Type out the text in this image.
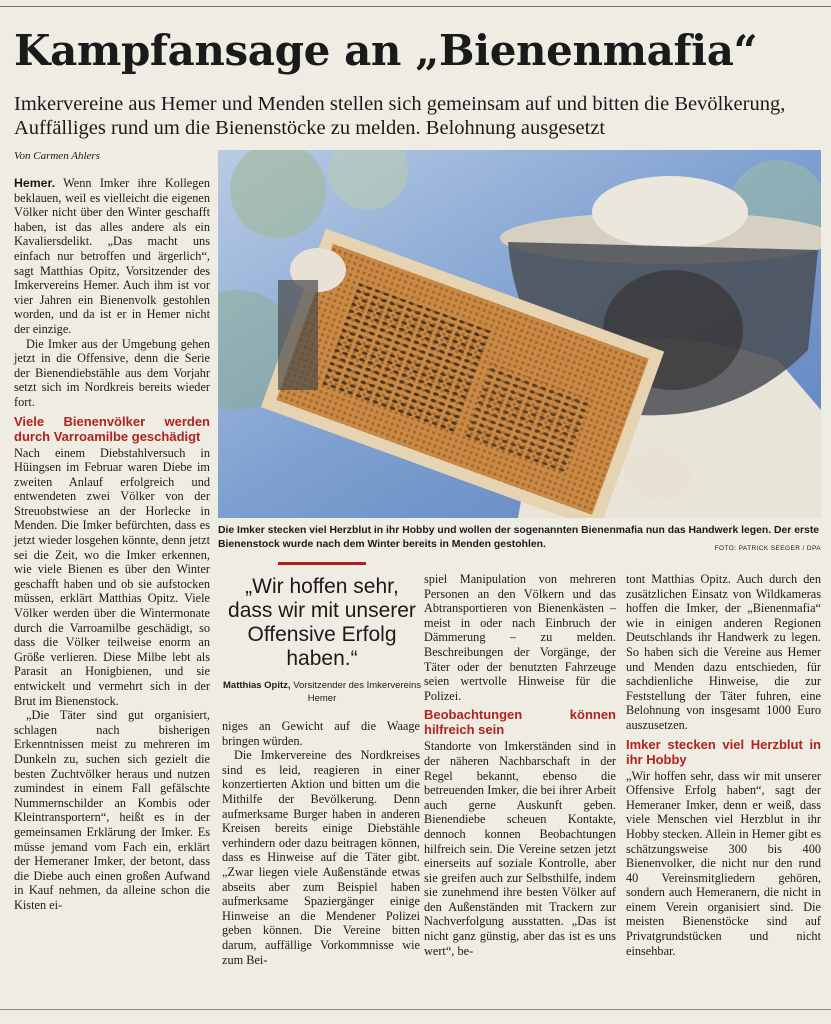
Kampfansage an „Bienenmafia“

Imkervereine aus Hemer und Menden stellen sich gemeinsam auf und bitten die Bevölkerung, Auffälliges rund um die Bienenstöcke zu melden. Belohnung ausgesetzt

Von Carmen Ahlers

Hemer. Wenn Imker ihre Kollegen beklauen, weil es vielleicht die eigenen Völker nicht über den Winter geschafft haben, ist das alles andere als ein Kavaliersdelikt. „Das macht uns einfach nur betroffen und ärgerlich“, sagt Matthias Opitz, Vorsitzender des Imkervereins Hemer. Auch ihm ist vor vier Jahren ein Bienenvolk gestohlen worden, und da ist er in Hemer nicht der einzige.

Die Imker aus der Umgebung gehen jetzt in die Offensive, denn die Serie der Bienendiebstähle aus dem Vorjahr setzt sich im Nordkreis bereits wieder fort.

Viele Bienenvölker werden durch Varroamilbe geschädigt

Nach einem Diebstahlversuch in Hüingsen im Februar waren Diebe im zweiten Anlauf erfolgreich und entwendeten zwei Völker von der Streuobstwiese an der Horlecke in Menden. Die Imker befürchten, dass es jetzt wieder losgehen könnte, denn jetzt sei die Zeit, wo die Imker erkennen, wie viele Bienen es über den Winter geschafft haben und ob sie aufstocken müssen, erklärt Matthias Opitz. Viele Völker werden über die Wintermonate durch die Varroamilbe geschädigt, so dass die Völker teilweise enorm an Größe verlieren. Diese Milbe lebt als Parasit an Honigbienen, und sie entwickelt und vermehrt sich in der Brut im Bienenstock.

„Die Täter sind gut organisiert, schlagen nach bisherigen Erkenntnissen meist zu mehreren im Dunkeln zu, suchen sich gezielt die besten Zuchtvölker heraus und nutzen zumindest in einem Fall gefälschte Nummernschilder an Kombis oder Kleintransportern“, heißt es in der gemeinsamen Erklärung der Imker. Es müsse jemand vom Fach ein, erklärt der Hemeraner Imker, der betont, dass die Diebe auch einen großen Aufwand in Kauf nehmen, da alleine schon die Kisten ei-

Die Imker stecken viel Herzblut in ihr Hobby und wollen der sogenannten Bienenmafia nun das Handwerk legen. Der erste Bienenstock wurde nach dem Winter bereits in Menden gestohlen.	FOTO: PATRICK SEEGER / DPA

„Wir hoffen sehr, dass wir mit unserer Offensive Erfolg haben.“

Matthias Opitz, Vorsitzender des Imkervereins Hemer

niges an Gewicht auf die Waage bringen würden.

Die Imkervereine des Nordkreises sind es leid, reagieren in einer konzertierten Aktion und bitten um die Mithilfe der Bevölkerung. Denn aufmerksame Burger haben in anderen Kreisen bereits einige Diebstähle verhindern oder dazu beitragen können, dass es Hinweise auf die Täter gibt. „Zwar liegen viele Außenstände etwas abseits aber zum Beispiel haben aufmerksame Spaziergänger einige Hinweise an die Mendener Polizei geben können. Die Vereine bitten darum, auffällige Vorkommnisse wie zum Bei-

spiel Manipulation von mehreren Personen an den Völkern und das Abtransportieren von Bienenkästen – meist in oder nach Einbruch der Dämmerung – zu melden. Beschreibungen der Vorgänge, der Täter oder der benutzten Fahrzeuge seien wertvolle Hinweise für die Polizei.

Beobachtungen können hilfreich sein

Standorte von Imkerständen sind in der näheren Nachbarschaft in der Regel bekannt, ebenso die betreuenden Imker, die bei ihrer Arbeit auch gerne Auskunft geben. Bienendiebe scheuen Kontakte, dennoch konnen Beobachtungen hilfreich sein. Die Vereine setzen jetzt einerseits auf soziale Kontrolle, aber sie greifen auch zur Selbsthilfe, indem sie zunehmend ihre besten Völker auf den Außenständen mit Trackern zur Nachverfolgung ausstatten. „Das ist nicht ganz günstig, aber das ist es uns wert“, be-

tont Matthias Opitz. Auch durch den zusätzlichen Einsatz von Wildkameras hoffen die Imker, der „Bienenmafia“ wie in einigen anderen Regionen Deutschlands ihr Handwerk zu legen. So haben sich die Vereine aus Hemer und Menden dazu entschieden, für sachdienliche Hinweise, die zur Feststellung der Täter fuhren, eine Belohnung von insgesamt 1000 Euro auszusetzen.

Imker stecken viel Herzblut in ihr Hobby

„Wir hoffen sehr, dass wir mit unserer Offensive Erfolg haben“, sagt der Hemeraner Imker, denn er weiß, dass viele Menschen viel Herzblut in ihr Hobby stecken. Allein in Hemer gibt es schätzungsweise 300 bis 400 Bienenvolker, die nicht nur den rund 40 Vereinsmitgliedern gehören, sondern auch Hemeranern, die nicht in einem Verein organisiert sind. Die meisten Bienenstöcke sind auf Privatgrundstücken und nicht einsehbar.
